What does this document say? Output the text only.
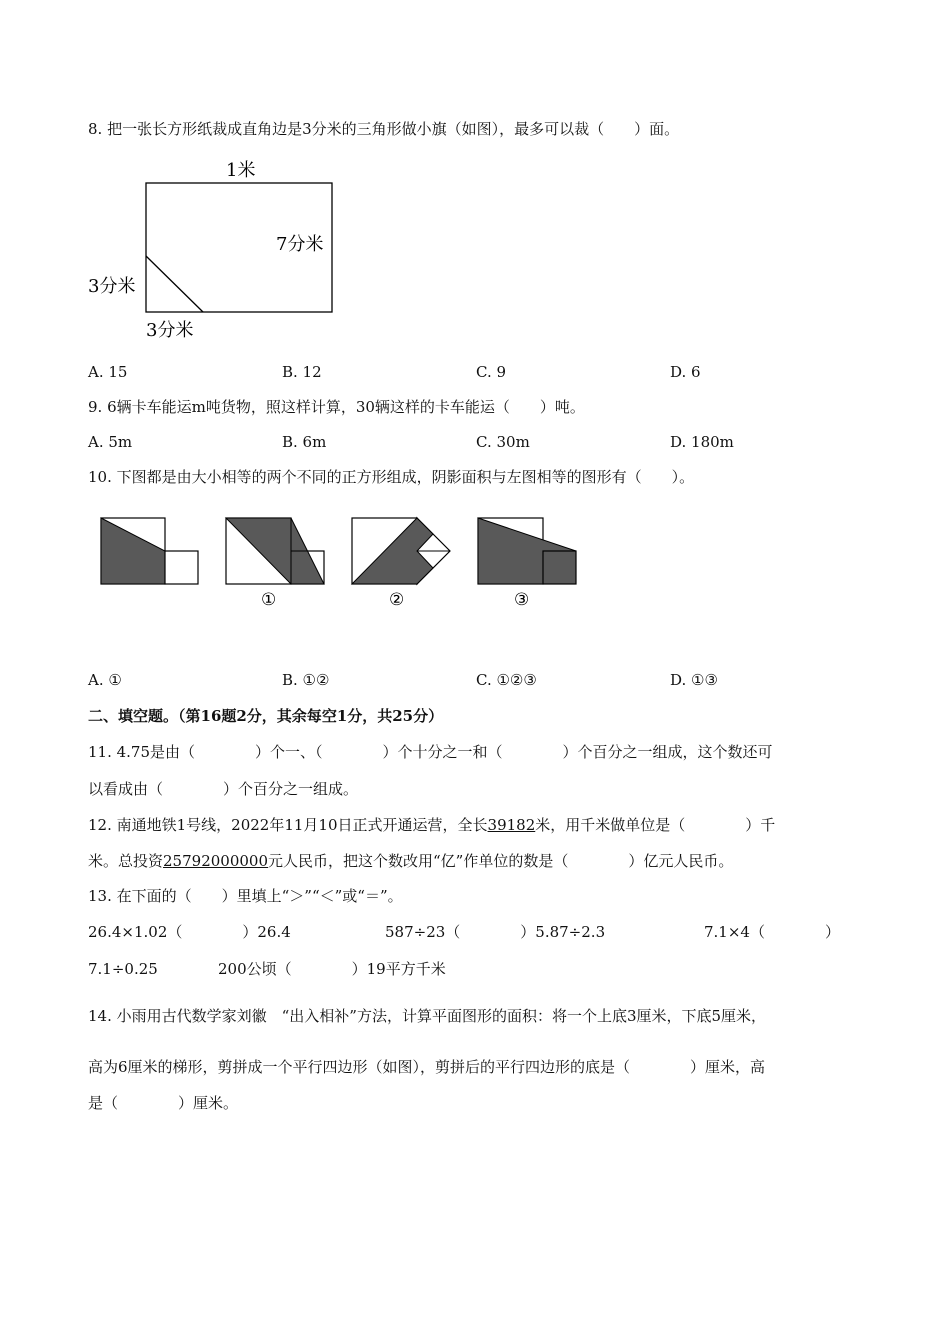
8. 把一张长方形纸裁成直角边是3分米的三角形做小旗（如图），最多可以裁（　　）面。
1米
7分米
3分米
3分米
A. 15	B. 12	C. 9	D. 6
9. 6辆卡车能运m吨货物，照这样计算，30辆这样的卡车能运（　　）吨。
A. 5m	B. 6m	C. 30m	D. 180m
10. 下图都是由大小相等的两个不同的正方形组成，阴影面积与左图相等的图形有（　　）。
①	②	③
A. ①	B. ①②	C. ①②③	D. ①③
二、填空题。（第16题2分，其余每空1分，共25分）
11. 4.75是由（　　　　）个一、（　　　　）个十分之一和（　　　　）个百分之一组成，这个数还可
以看成由（　　　　）个百分之一组成。
12. 南通地铁1号线，2022年11月10日正式开通运营，全长39182米，用千米做单位是（　　　　）千
米。总投资25792000000元人民币，把这个数改用“亿”作单位的数是（　　　　）亿元人民币。
13. 在下面的（　　）里填上“＞”“＜”或“＝”。
26.4×1.02（　　　　）26.4	587÷23（　　　　）5.87÷2.3	7.1×4（　　　　）
7.1÷0.25	200公顷（　　　　）19平方千米
14. 小雨用古代数学家刘徽　“出入相补”方法，计算平面图形的面积：将一个上底3厘米，下底5厘米，
高为6厘米的梯形，剪拼成一个平行四边形（如图），剪拼后的平行四边形的底是（　　　　）厘米，高
是（　　　　）厘米。
